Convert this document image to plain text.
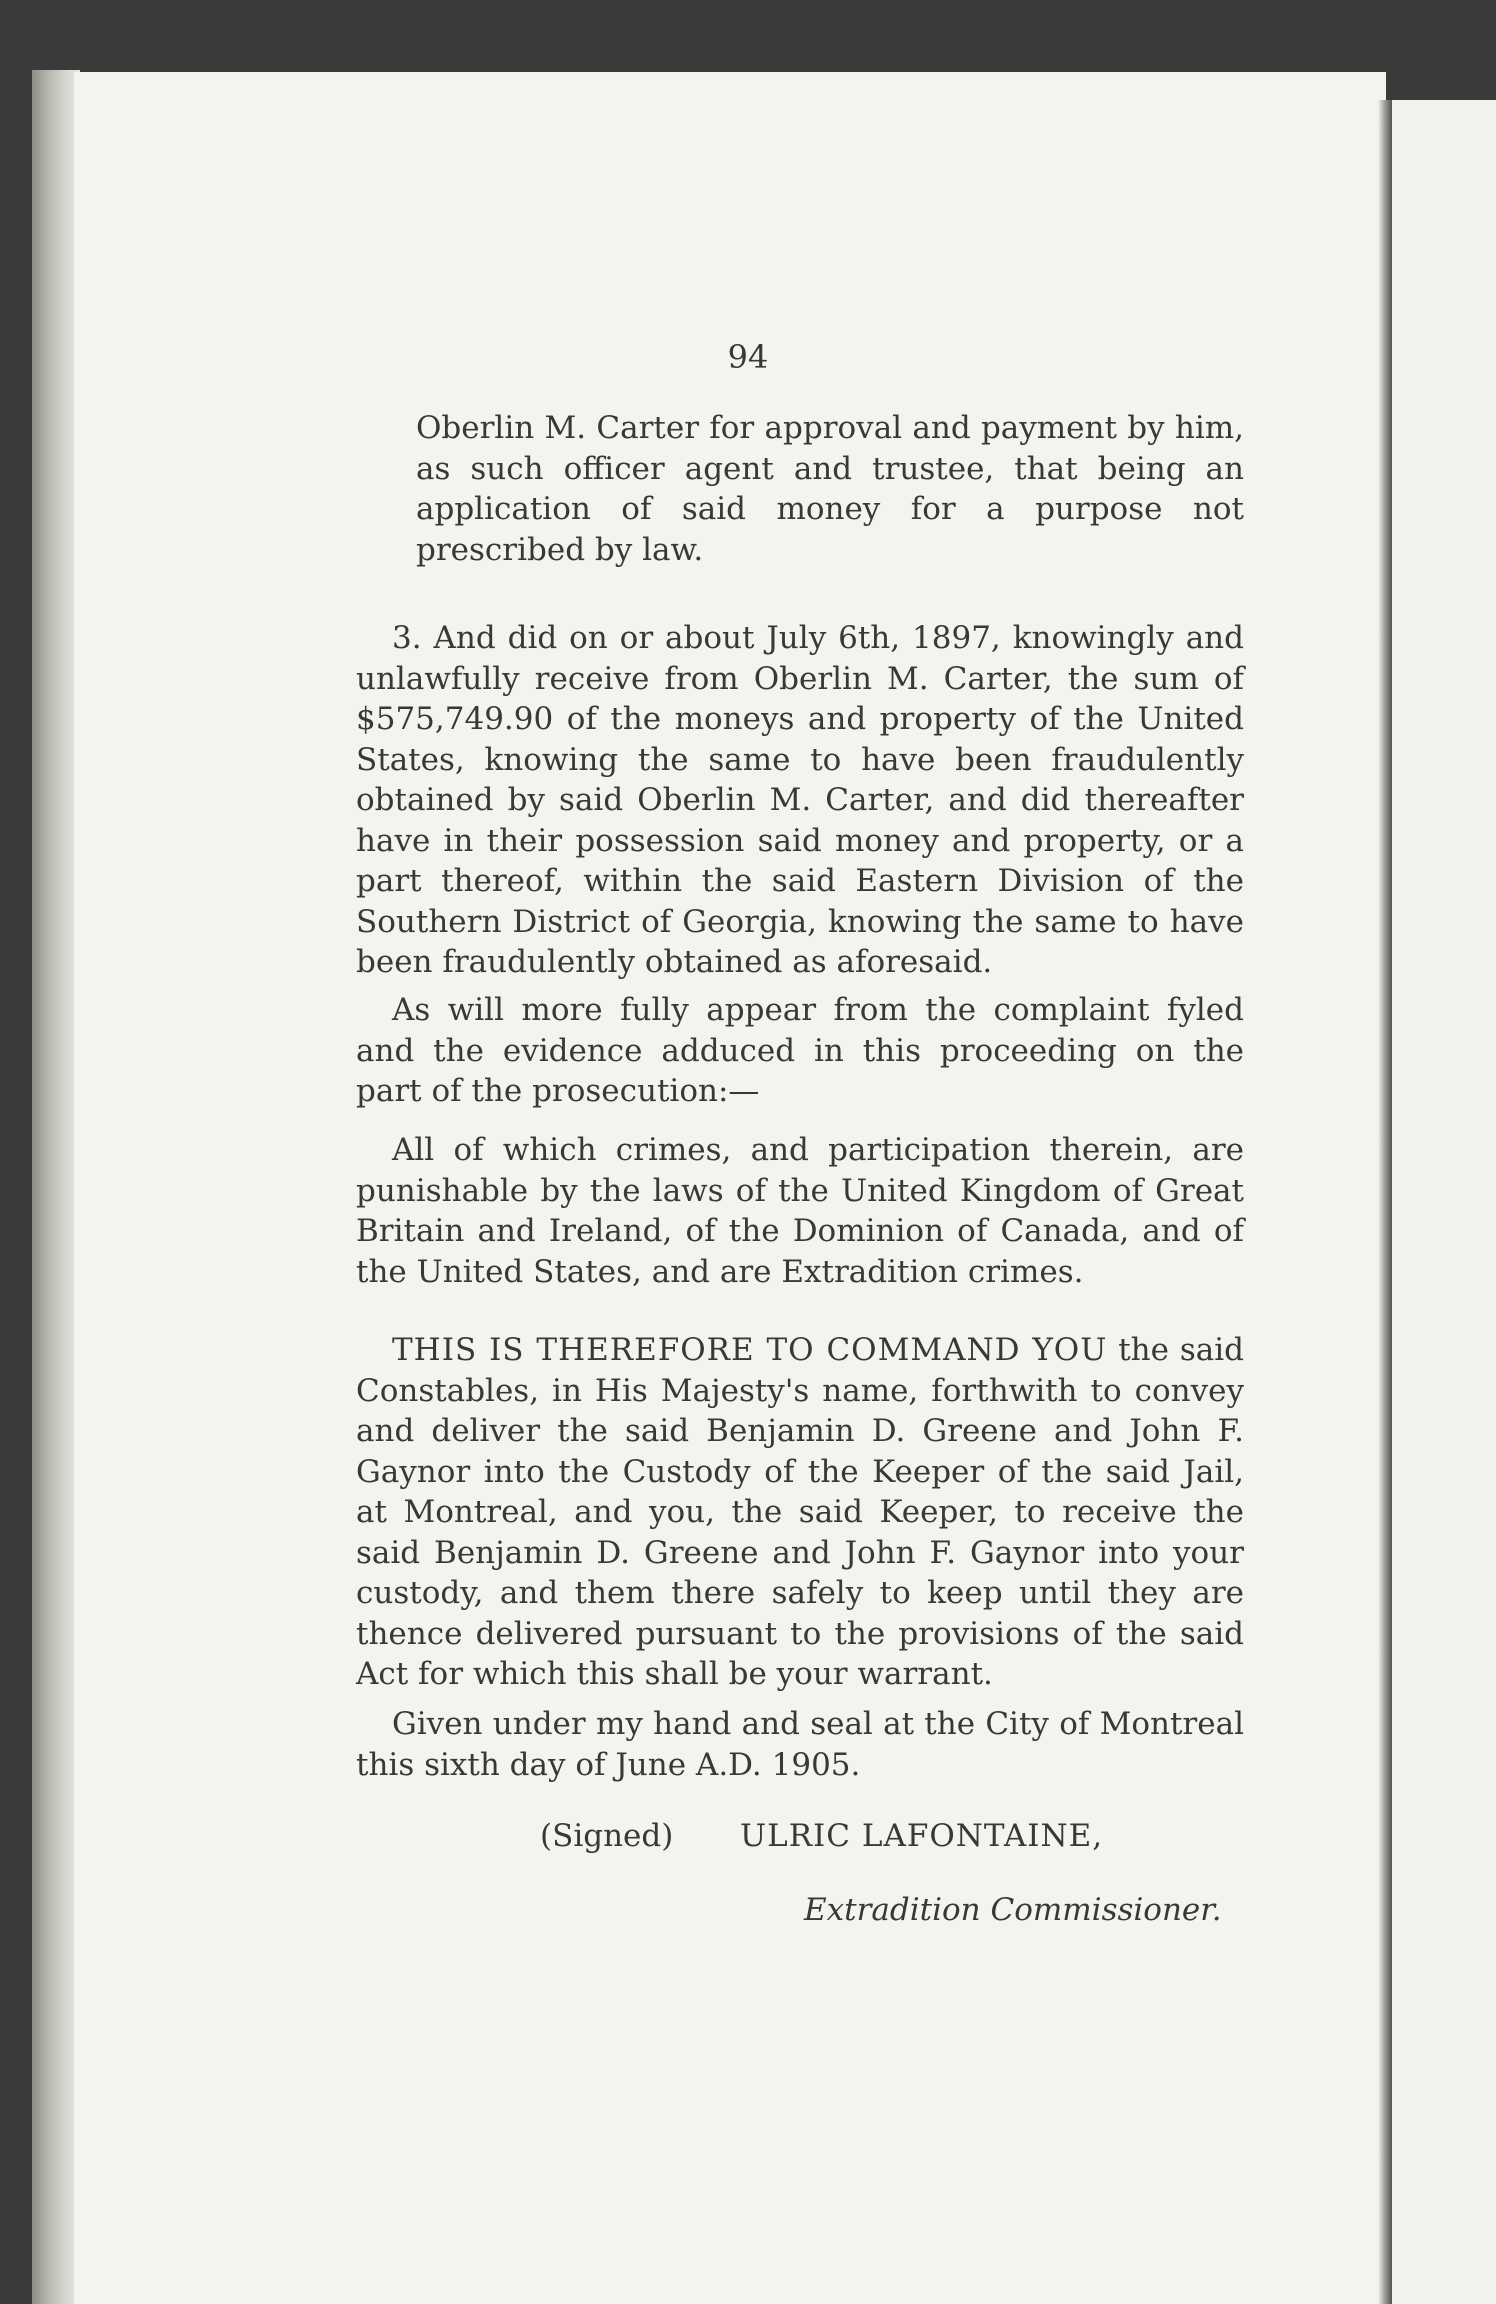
94

Oberlin M. Carter for approval and payment by him, as such officer agent and trustee, that being an application of said money for a purpose not prescribed by law.

3. And did on or about July 6th, 1897, knowingly and unlawfully receive from Oberlin M. Carter, the sum of $575,749.90 of the moneys and property of the United States, knowing the same to have been fraudulently obtained by said Oberlin M. Carter, and did thereafter have in their possession said money and property, or a part thereof, within the said Eastern Division of the Southern District of Georgia, knowing the same to have been fraudulently obtained as aforesaid.

As will more fully appear from the complaint fyled and the evidence adduced in this proceeding on the part of the prosecution:—

All of which crimes, and participation therein, are punishable by the laws of the United Kingdom of Great Britain and Ireland, of the Dominion of Canada, and of the United States, and are Extradition crimes.

THIS IS THEREFORE TO COMMAND YOU the said Constables, in His Majesty's name, forthwith to convey and deliver the said Benjamin D. Greene and John F. Gaynor into the Custody of the Keeper of the said Jail, at Montreal, and you, the said Keeper, to receive the said Benjamin D. Greene and John F. Gaynor into your custody, and them there safely to keep until they are thence delivered pursuant to the provisions of the said Act for which this shall be your warrant.

Given under my hand and seal at the City of Montreal this sixth day of June A.D. 1905.

(Signed) ULRIC LAFONTAINE,
Extradition Commissioner.
